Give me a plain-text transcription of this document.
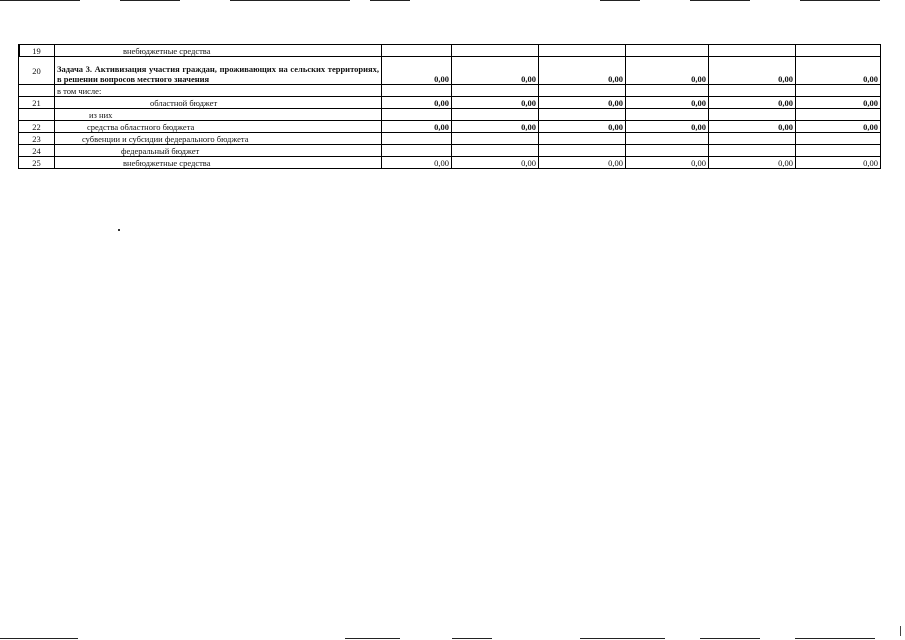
19	внебюджетные средства						
20	Задача 3. Активизация участия граждан, проживающих на сельских территориях, в решении вопросов местного значения	0,00	0,00	0,00	0,00	0,00	0,00
	в том числе:						
21	областной бюджет	0,00	0,00	0,00	0,00	0,00	0,00
	из них						
22	средства областного бюджета	0,00	0,00	0,00	0,00	0,00	0,00
23	субвенции и субсидии федерального бюджета						
24	федеральный бюджет						
25	внебюджетные средства	0,00	0,00	0,00	0,00	0,00	0,00
